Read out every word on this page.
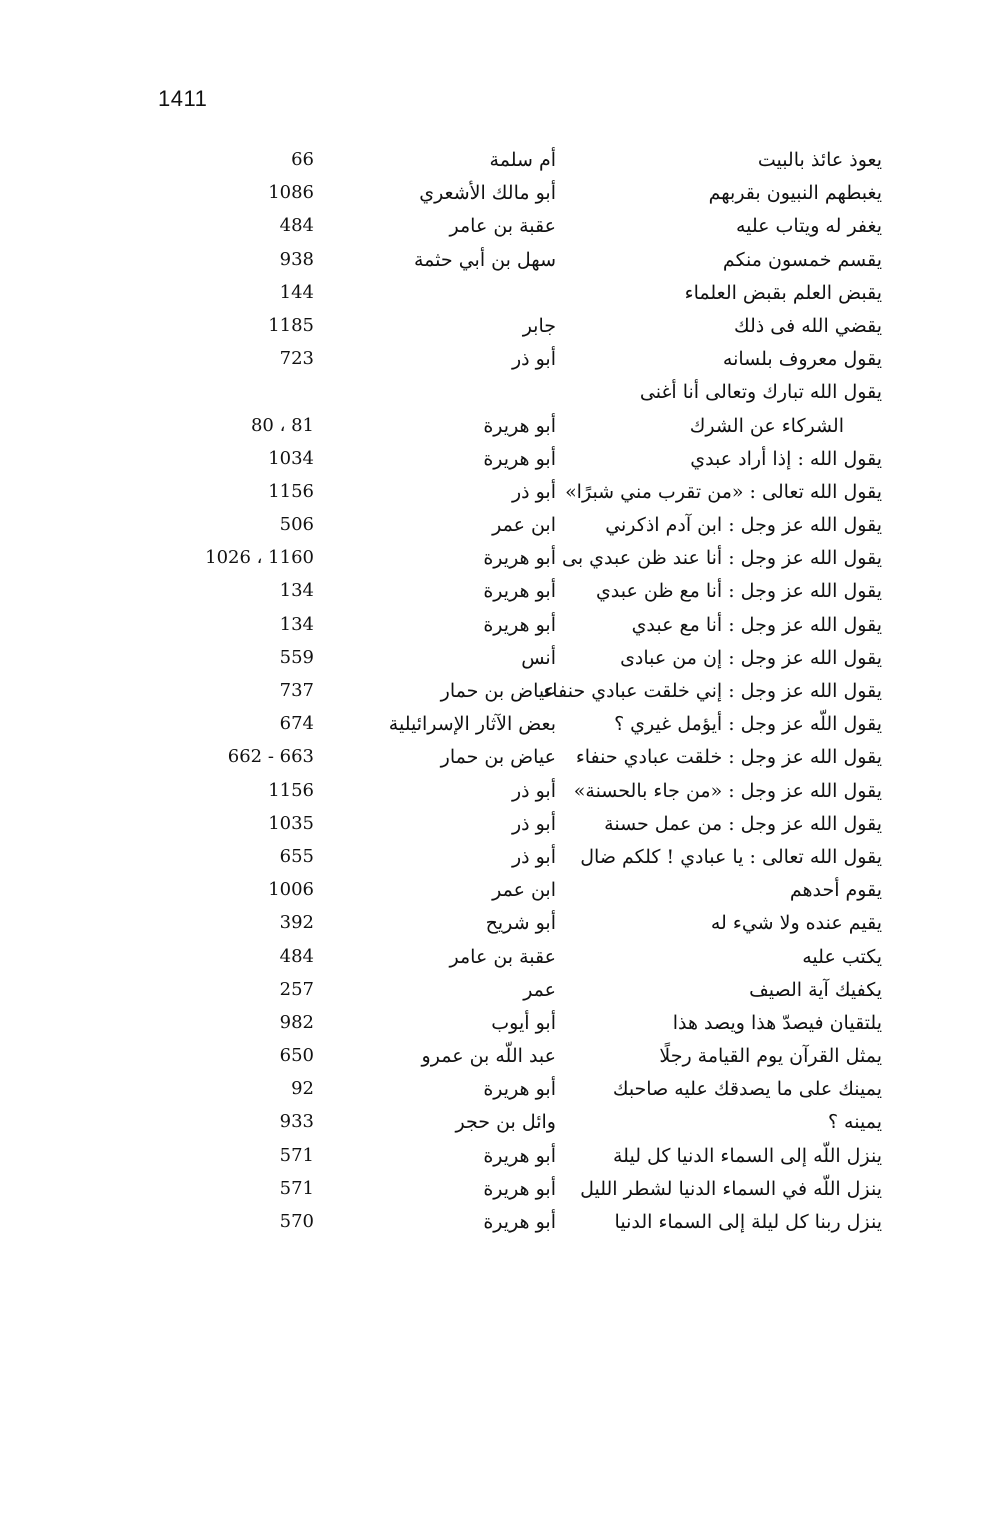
1411
يعوذ عائذ بالبيت
أم سلمة
66
يغبطهم النبيون بقربهم
أبو مالك الأشعري
1086
يغفر له ويتاب عليه
عقبة بن عامر
484
يقسم خمسون منكم
سهل بن أبي حثمة
938
يقبض العلم بقبض العلماء
144
يقضي الله فى ذلك
جابر
1185
يقول معروف بلسانه
أبو ذر
723
يقول الله تبارك وتعالى أنا أغنى
الشركاء عن الشرك
أبو هريرة
80 ، 81
يقول الله : إذا أراد عبدي
أبو هريرة
1034
يقول الله تعالى : «من تقرب مني شبرًا»
أبو ذر
1156
يقول الله عز وجل : ابن آدم اذكرني
ابن عمر
506
يقول الله عز وجل : أنا عند ظن عبدي بى
أبو هريرة
1026 ، 1160
يقول الله عز وجل : أنا مع ظن عبدي
أبو هريرة
134
يقول الله عز وجل : أنا مع عبدي
أبو هريرة
134
يقول الله عز وجل : إن من عبادى
أنس
559
يقول الله عز وجل : إني خلقت عبادي حنفاء
عياض بن حمار
737
يقول اللّه عز وجل : أيؤمل غيري ؟
بعض الآثار الإسرائيلية
674
يقول الله عز وجل : خلقت عبادي حنفاء
عياض بن حمار
662 - 663
يقول الله عز وجل : «من جاء بالحسنة»
أبو ذر
1156
يقول الله عز وجل : من عمل حسنة
أبو ذر
1035
يقول الله تعالى : يا عبادي ! كلكم ضال
أبو ذر
655
يقوم أحدهم
ابن عمر
1006
يقيم عنده ولا شيء له
أبو شريح
392
يكتب عليه
عقبة بن عامر
484
يكفيك آية الصيف
عمر
257
يلتقيان فيصدّ هذا ويصد هذا
أبو أيوب
982
يمثل القرآن يوم القيامة رجلًا
عبد اللّه بن عمرو
650
يمينك على ما يصدقك عليه صاحبك
أبو هريرة
92
يمينه ؟
وائل بن حجر
933
ينزل اللّه إلى السماء الدنيا كل ليلة
أبو هريرة
571
ينزل اللّه في السماء الدنيا لشطر الليل
أبو هريرة
571
ينزل ربنا كل ليلة إلى السماء الدنيا
أبو هريرة
570
